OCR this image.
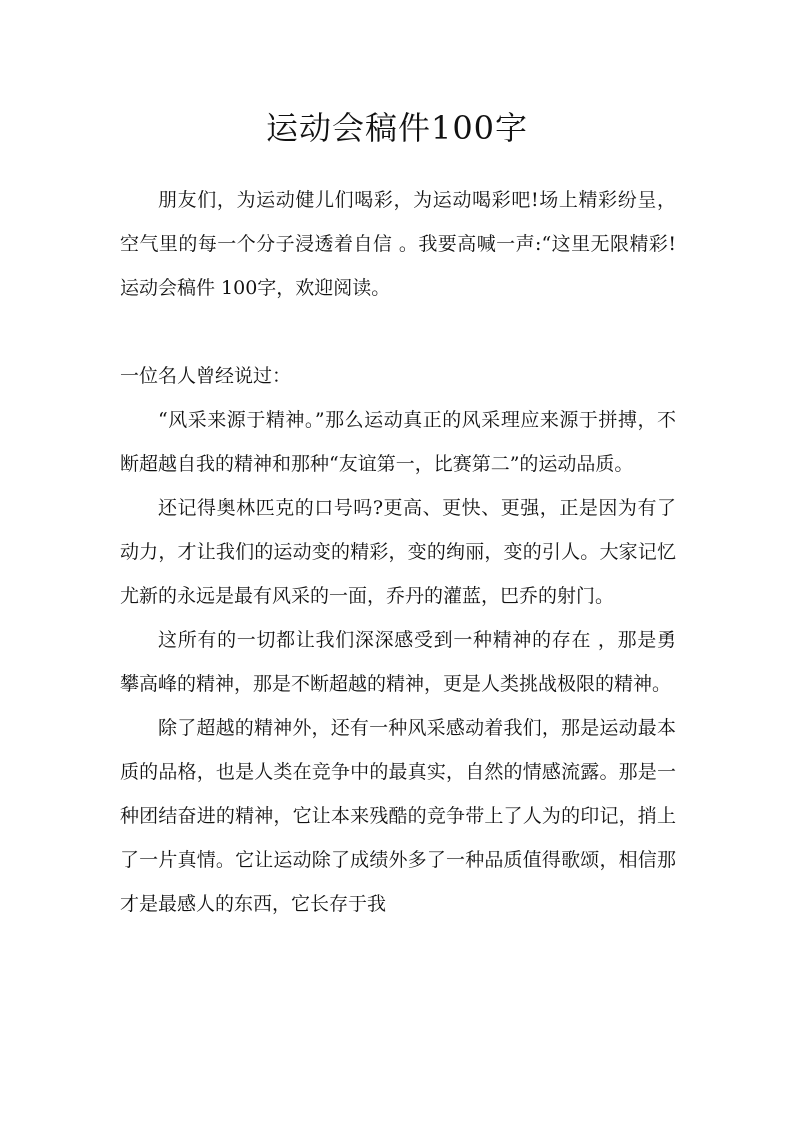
运动会稿件100字

朋友们，为运动健儿们喝彩，为运动喝彩吧!场上精彩纷呈，空气里的每一个分子浸透着自信 。我要高喊一声:“这里无限精彩!运动会稿件 100字，欢迎阅读。

一位名人曾经说过：

“风采来源于精神。”那么运动真正的风采理应来源于拼搏，不断超越自我的精神和那种“友谊第一，比赛第二”的运动品质。

还记得奥林匹克的口号吗?更高、更快、更强，正是因为有了动力，才让我们的运动变的精彩，变的绚丽，变的引人。大家记忆尤新的永远是最有风采的一面，乔丹的灌蓝，巴乔的射门。

这所有的一切都让我们深深感受到一种精神的存在 ，那是勇攀高峰的精神，那是不断超越的精神，更是人类挑战极限的精神。

除了超越的精神外，还有一种风采感动着我们，那是运动最本质的品格，也是人类在竞争中的最真实，自然的情感流露。那是一种团结奋进的精神，它让本来残酷的竞争带上了人为的印记，捎上了一片真情。它让运动除了成绩外多了一种品质值得歌颂，相信那才是最感人的东西，它长存于我
